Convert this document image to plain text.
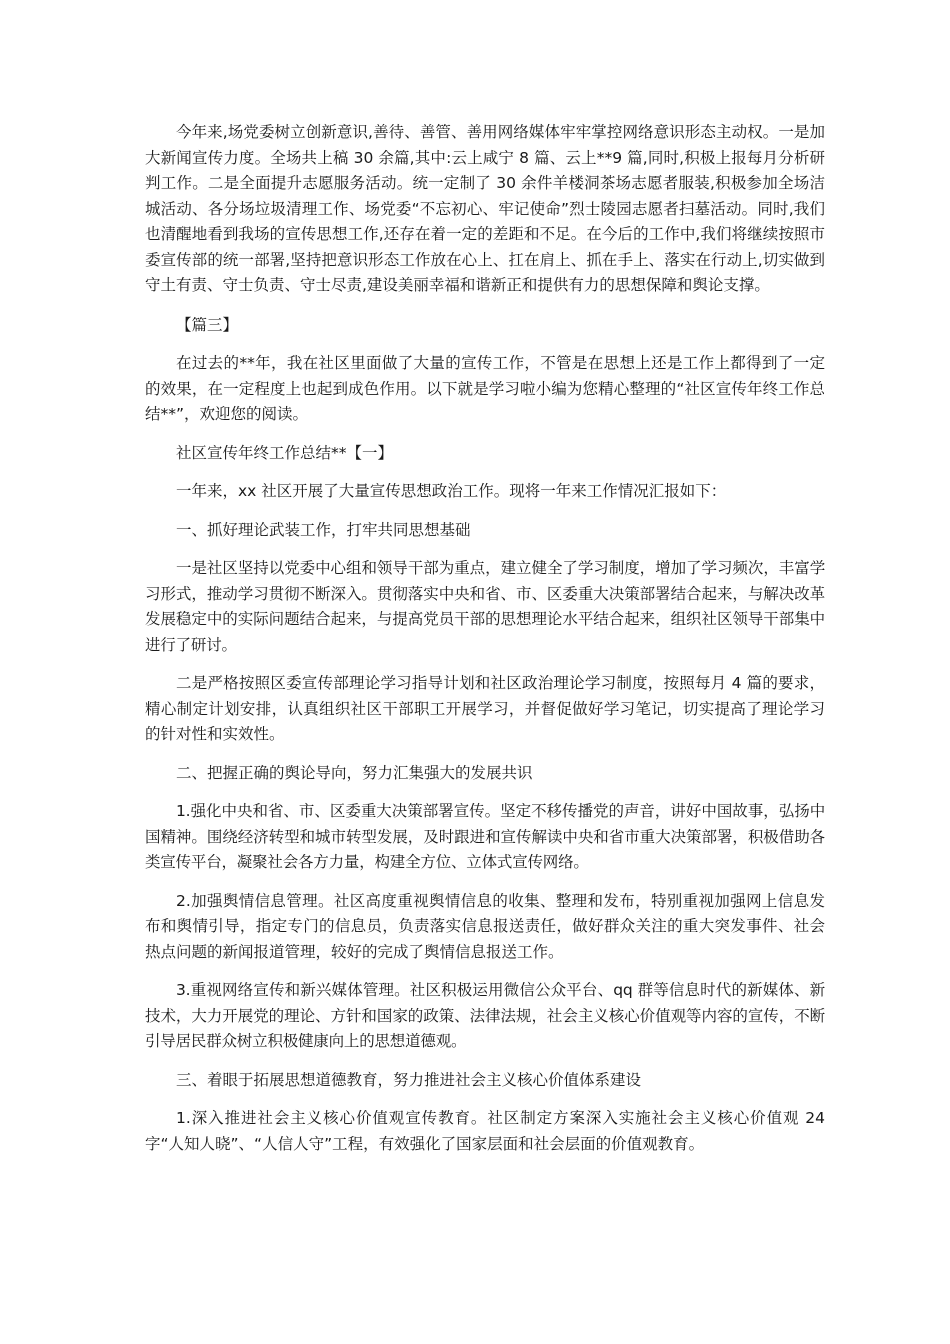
今年来,场党委树立创新意识,善待、善管、善用网络媒体牢牢掌控网络意识形态主动权。一是加大新闻宣传力度。全场共上稿 30 余篇,其中:云上咸宁 8 篇、云上**9 篇,同时,积极上报每月分析研判工作。二是全面提升志愿服务活动。统一定制了 30 余件羊楼洞茶场志愿者服装,积极参加全场洁城活动、各分场垃圾清理工作、场党委“不忘初心、牢记使命”烈士陵园志愿者扫墓活动。同时,我们也清醒地看到我场的宣传思想工作,还存在着一定的差距和不足。在今后的工作中,我们将继续按照市委宣传部的统一部署,坚持把意识形态工作放在心上、扛在肩上、抓在手上、落实在行动上,切实做到守土有责、守士负责、守士尽责,建设美丽幸福和谐新正和提供有力的思想保障和舆论支撑。

【篇三】

在过去的**年，我在社区里面做了大量的宣传工作，不管是在思想上还是工作上都得到了一定的效果，在一定程度上也起到成色作用。以下就是学习啦小编为您精心整理的“社区宣传年终工作总结**”，欢迎您的阅读。

社区宣传年终工作总结**【一】

一年来，xx 社区开展了大量宣传思想政治工作。现将一年来工作情况汇报如下：

一、抓好理论武装工作，打牢共同思想基础

一是社区坚持以党委中心组和领导干部为重点，建立健全了学习制度，增加了学习频次，丰富学习形式，推动学习贯彻不断深入。贯彻落实中央和省、市、区委重大决策部署结合起来，与解决改革发展稳定中的实际问题结合起来，与提高党员干部的思想理论水平结合起来，组织社区领导干部集中进行了研讨。

二是严格按照区委宣传部理论学习指导计划和社区政治理论学习制度，按照每月 4 篇的要求，精心制定计划安排，认真组织社区干部职工开展学习，并督促做好学习笔记，切实提高了理论学习的针对性和实效性。

二、把握正确的舆论导向，努力汇集强大的发展共识

1.强化中央和省、市、区委重大决策部署宣传。坚定不移传播党的声音，讲好中国故事，弘扬中国精神。围绕经济转型和城市转型发展，及时跟进和宣传解读中央和省市重大决策部署，积极借助各类宣传平台，凝聚社会各方力量，构建全方位、立体式宣传网络。

2.加强舆情信息管理。社区高度重视舆情信息的收集、整理和发布，特别重视加强网上信息发布和舆情引导，指定专门的信息员，负责落实信息报送责任，做好群众关注的重大突发事件、社会热点问题的新闻报道管理，较好的完成了舆情信息报送工作。

3.重视网络宣传和新兴媒体管理。社区积极运用微信公众平台、qq 群等信息时代的新媒体、新技术，大力开展党的理论、方针和国家的政策、法律法规，社会主义核心价值观等内容的宣传，不断引导居民群众树立积极健康向上的思想道德观。

三、着眼于拓展思想道德教育，努力推进社会主义核心价值体系建设

1.深入推进社会主义核心价值观宣传教育。社区制定方案深入实施社会主义核心价值观 24 字“人知人晓”、“人信人守”工程，有效强化了国家层面和社会层面的价值观教育。
